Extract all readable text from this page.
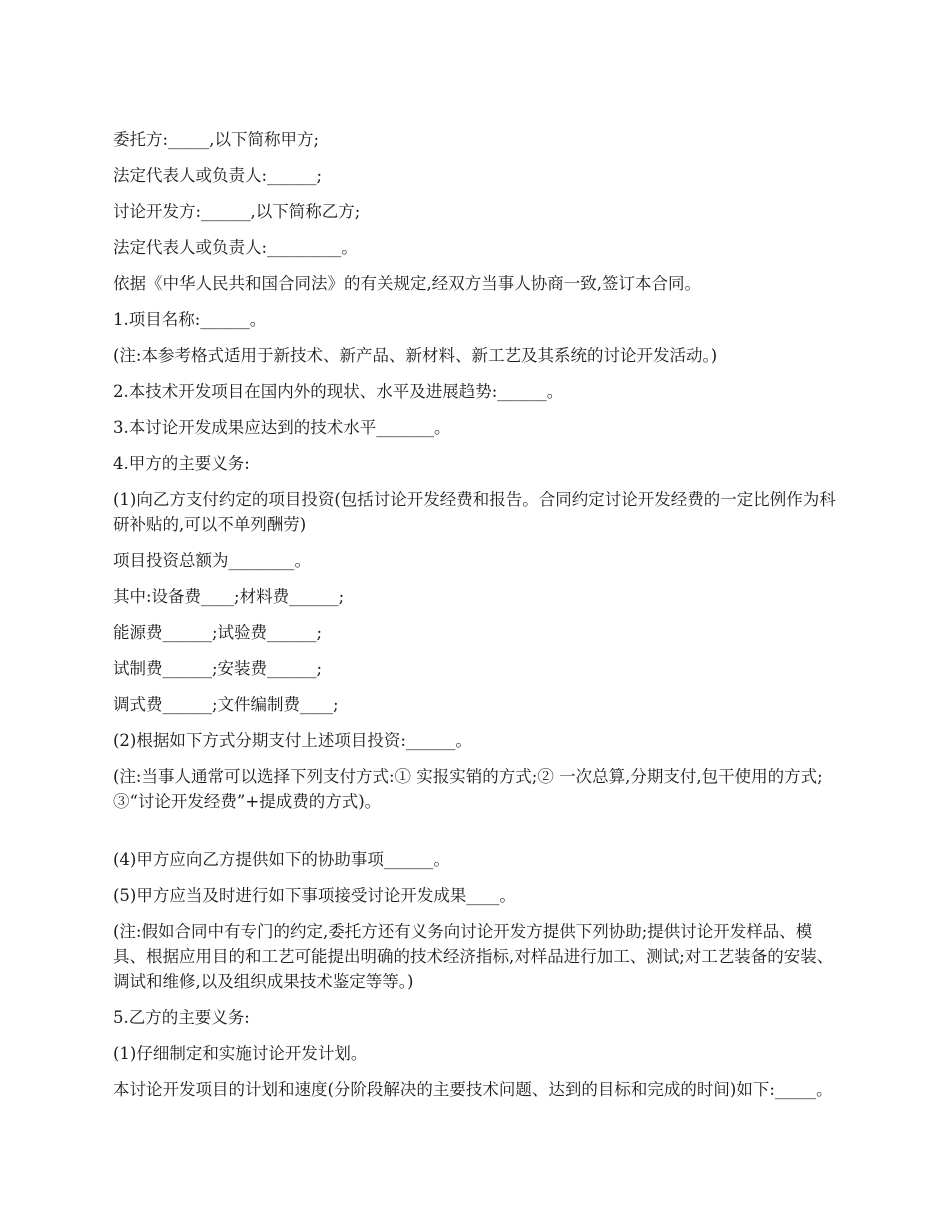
委托方:_____,以下简称甲方;

法定代表人或负责人:______;

讨论开发方:______,以下简称乙方;

法定代表人或负责人:_________。

依据《中华人民共和国合同法》的有关规定,经双方当事人协商一致,签订本合同。

1.项目名称:______。

(注:本参考格式适用于新技术、新产品、新材料、新工艺及其系统的讨论开发活动。)

2.本技术开发项目在国内外的现状、水平及进展趋势:______。

3.本讨论开发成果应达到的技术水平_______。

4.甲方的主要义务:

(1)向乙方支付约定的项目投资(包括讨论开发经费和报告。合同约定讨论开发经费的一定比例作为科研补贴的,可以不单列酬劳)

项目投资总额为________。

其中:设备费____;材料费______;

能源费______;试验费______;

试制费______;安装费______;

调式费______;文件编制费____;

(2)根据如下方式分期支付上述项目投资:______。

(注:当事人通常可以选择下列支付方式:① 实报实销的方式;② 一次总算,分期支付,包干使用的方式;③“讨论开发经费”+提成费的方式)。

(4)甲方应向乙方提供如下的协助事项______。

(5)甲方应当及时进行如下事项接受讨论开发成果____。

(注:假如合同中有专门的约定,委托方还有义务向讨论开发方提供下列协助;提供讨论开发样品、模具、根据应用目的和工艺可能提出明确的技术经济指标,对样品进行加工、测试;对工艺装备的安装、调试和维修,以及组织成果技术鉴定等等。)

5.乙方的主要义务:

(1)仔细制定和实施讨论开发计划。

本讨论开发项目的计划和速度(分阶段解决的主要技术问题、达到的目标和完成的时间)如下:_____。
